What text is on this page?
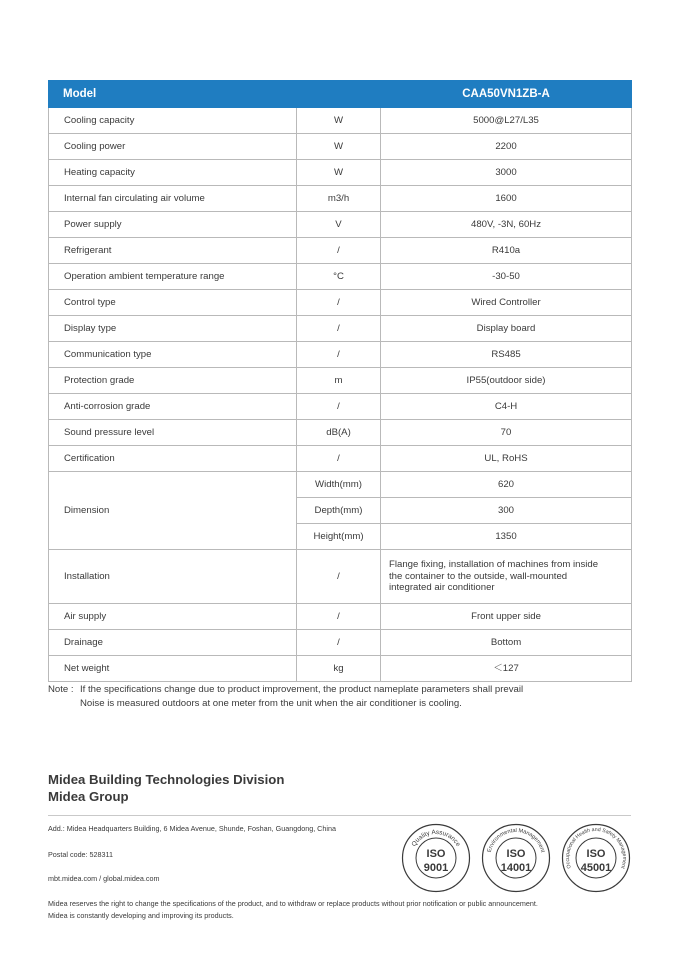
Model		CAA50VN1ZB-A
Cooling capacity	W	5000@L27/L35
Cooling power	W	2200
Heating capacity	W	3000
Internal fan circulating air volume	m3/h	1600
Power supply	V	480V, -3N, 60Hz
Refrigerant	/	R410a
Operation ambient temperature range	°C	-30-50
Control type	/	Wired Controller
Display type	/	Display board
Communication type	/	RS485
Protection grade	m	IP55(outdoor side)
Anti-corrosion grade	/	C4-H
Sound pressure level	dB(A)	70
Certification	/	UL, RoHS
Dimension	Width(mm)	620
	Depth(mm)	300
	Height(mm)	1350
Installation	/	Flange fixing, installation of machines from inside
the container to the outside, wall-mounted
integrated air conditioner

Air supply	/	Front upper side
Drainage	/	Bottom
Net weight	kg	＜127
Note : If the specifications change due to product improvement, the product nameplate parameters shall prevail
Noise is measured outdoors at one meter from the unit when the air conditioner is cooling.
Midea Building Technologies Division
Midea Group
Add.: Midea Headquarters Building, 6 Midea Avenue, Shunde, Foshan, Guangdong, China
Postal code: 528311
mbt.midea.com / global.midea.com
Midea reserves the right to change the specifications of the product, and to withdraw or replace products without prior notification or public announcement.
Midea is constantly developing and improving its products.
Quality Assurance
ISO
9001
Environmental Management
ISO
14001	Occupational Health and Safety Management
ISO
45001
